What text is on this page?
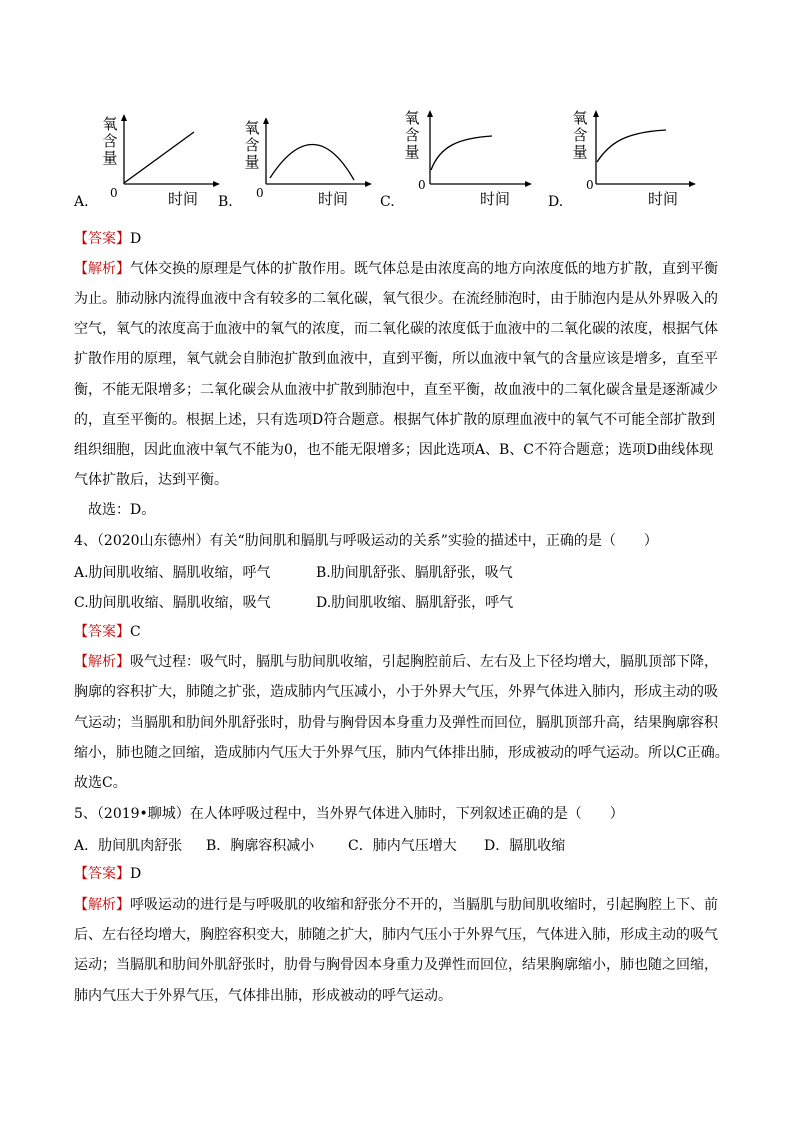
氧
含
量
0	时间
A.
氧
含
量
0	时间
B.
氧
含
量
0
时间
C.
氧
含
量
0
时间
D.
【答案】D
【解析】气体交换的原理是气体的扩散作用。既气体总是由浓度高的地方向浓度低的地方扩散，直到平衡
为止。肺动脉内流得血液中含有较多的二氧化碳，氧气很少。在流经肺泡时，由于肺泡内是从外界吸入的
空气，氧气的浓度高于血液中的氧气的浓度，而二氧化碳的浓度低于血液中的二氧化碳的浓度，根据气体
扩散作用的原理，氧气就会自肺泡扩散到血液中，直到平衡，所以血液中氧气的含量应该是增多，直至平
衡，不能无限增多；二氧化碳会从血液中扩散到肺泡中，直至平衡，故血液中的二氧化碳含量是逐渐减少
的，直至平衡的。根据上述，只有选项D符合题意。根据气体扩散的原理血液中的氧气不可能全部扩散到
组织细胞，因此血液中氧气不能为0，也不能无限增多；因此选项A、B、C不符合题意；选项D曲线体现
气体扩散后，达到平衡。
故选：D。
4、（2020山东德州）有关“肋间肌和膈肌与呼吸运动的关系”实验的描述中，正确的是（　　）
A.肋间肌收缩、膈肌收缩，呼气	B.肋间肌舒张、膈肌舒张，吸气
C.肋间肌收缩、膈肌收缩，吸气	D.肋间肌收缩、膈肌舒张，呼气
【答案】C
【解析】吸气过程：吸气时，膈肌与肋间肌收缩，引起胸腔前后、左右及上下径均增大，膈肌顶部下降，
胸廓的容积扩大，肺随之扩张，造成肺内气压减小，小于外界大气压，外界气体进入肺内，形成主动的吸
气运动；当膈肌和肋间外肌舒张时，肋骨与胸骨因本身重力及弹性而回位，膈肌顶部升高，结果胸廓容积
缩小，肺也随之回缩，造成肺内气压大于外界气压，肺内气体排出肺，形成被动的呼气运动。所以C正确。
故选C。
5、（2019•聊城）在人体呼吸过程中，当外界气体进入肺时，下列叙述正确的是（　　）
A．肋间肌肉舒张 B．胸廓容积减小 C．肺内气压增大 D．膈肌收缩
【答案】D
【解析】呼吸运动的进行是与呼吸肌的收缩和舒张分不开的，当膈肌与肋间肌收缩时，引起胸腔上下、前
后、左右径均增大，胸腔容积变大，肺随之扩大，肺内气压小于外界气压，气体进入肺，形成主动的吸气
运动；当膈肌和肋间外肌舒张时，肋骨与胸骨因本身重力及弹性而回位，结果胸廓缩小，肺也随之回缩，
肺内气压大于外界气压，气体排出肺，形成被动的呼气运动。
